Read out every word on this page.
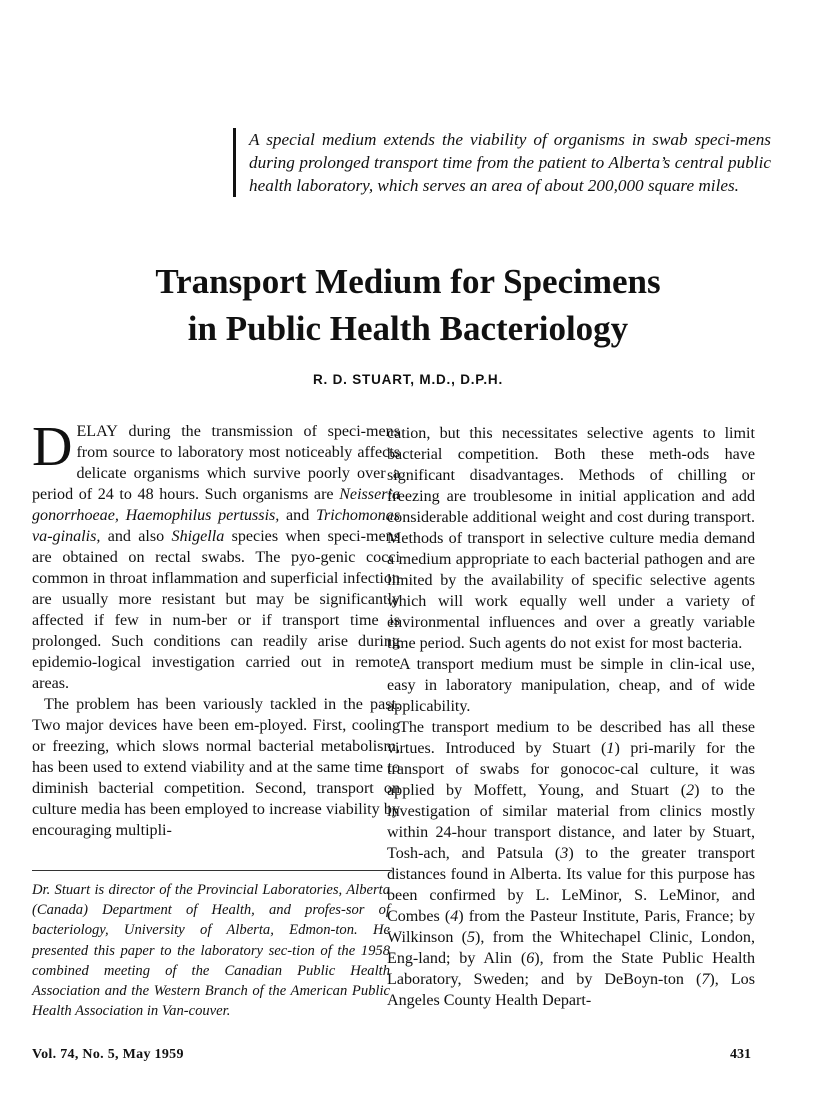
A special medium extends the viability of organisms in swab speci-mens during prolonged transport time from the patient to Alberta’s central public health laboratory, which serves an area of about 200,000 square miles.
Transport Medium for Specimens
in Public Health Bacteriology
R. D. STUART, M.D., D.P.H.

DELAY during the transmission of speci-mens from source to laboratory most noticeably affects delicate organisms which survive poorly over a period of 24 to 48 hours. Such organisms are Neisseria gonorrhoeae, Haemophilus pertussis, and Trichomonas va-ginalis, and also Shigella species when speci-mens are obtained on rectal swabs. The pyo-genic cocci common in throat inflammation and superficial infection are usually more resistant but may be significantly affected if few in num-ber or if transport time is prolonged. Such conditions can readily arise during epidemio-logical investigation carried out in remote areas.

The problem has been variously tackled in the past. Two major devices have been em-ployed. First, cooling or freezing, which slows normal bacterial metabolism, has been used to extend viability and at the same time to diminish bacterial competition. Second, transport on culture media has been employed to increase viability by encouraging multipli-

cation, but this necessitates selective agents to limit bacterial competition. Both these meth-ods have significant disadvantages. Methods of chilling or freezing are troublesome in initial application and add considerable additional weight and cost during transport. Methods of transport in selective culture media demand a medium appropriate to each bacterial pathogen and are limited by the availability of specific selective agents which will work equally well under a variety of environmental influences and over a greatly variable time period. Such agents do not exist for most bacteria.

A transport medium must be simple in clin-ical use, easy in laboratory manipulation, cheap, and of wide applicability.

The transport medium to be described has all these virtues. Introduced by Stuart (1) pri-marily for the transport of swabs for gonococ-cal culture, it was applied by Moffett, Young, and Stuart (2) to the investigation of similar material from clinics mostly within 24-hour transport distance, and later by Stuart, Tosh-ach, and Patsula (3) to the greater transport distances found in Alberta. Its value for this purpose has been confirmed by L. LeMinor, S. LeMinor, and Combes (4) from the Pasteur Institute, Paris, France; by Wilkinson (5), from the Whitechapel Clinic, London, Eng-land; by Alin (6), from the State Public Health Laboratory, Sweden; and by DeBoyn-ton (7), Los Angeles County Health Depart-

Dr. Stuart is director of the Provincial Laboratories, Alberta (Canada) Department of Health, and profes-sor of bacteriology, University of Alberta, Edmon-ton. He presented this paper to the laboratory sec-tion of the 1958 combined meeting of the Canadian Public Health Association and the Western Branch of the American Public Health Association in Van-couver.
Vol. 74, No. 5, May 1959	431
